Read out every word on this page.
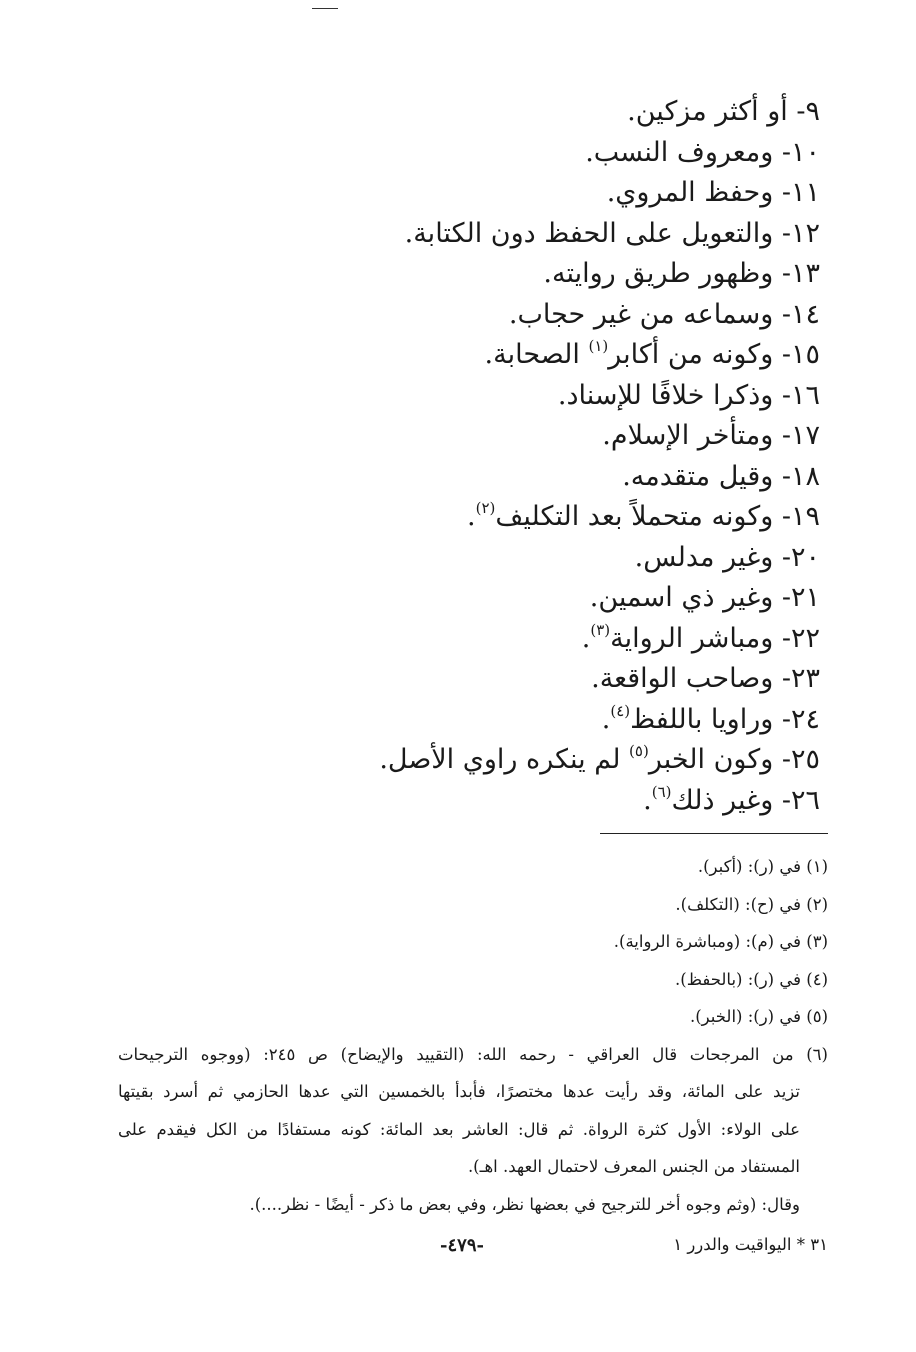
٩- أو أكثر مزكين.
١٠- ومعروف النسب.
١١- وحفظ المروي.
١٢- والتعويل على الحفظ دون الكتابة.
١٣- وظهور طريق روايته.
١٤- وسماعه من غير حجاب.
١٥- وكونه من أكابر$^{(١)}$ الصحابة.
١٦- وذكرا خلافًا للإسناد.
١٧- ومتأخر الإسلام.
١٨- وقيل متقدمه.
١٩- وكونه متحملاً بعد التكليف$^{(٢)}$.
٢٠- وغير مدلس.
٢١- وغير ذي اسمين.
٢٢- ومباشر الرواية$^{(٣)}$.
٢٣- وصاحب الواقعة.
٢٤- وراويا باللفظ$^{(٤)}$.
٢٥- وكون الخبر$^{(٥)}$ لم ينكره راوي الأصل.
٢٦- وغير ذلك$^{(٦)}$.
(١) في (ر): (أكبر).
(٢) في (ح): (التكلف).
(٣) في (م): (ومباشرة الرواية).
(٤) في (ر): (بالحفظ).
(٥) في (ر): (الخبر).
(٦) من المرجحات قال العراقي - رحمه الله: (التقييد والإيضاح) ص ٢٤٥: (ووجوه الترجيحات
تزيد على المائة، وقد رأيت عدها مختصرًا، فأبدأ بالخمسين التي عدها الحازمي ثم أسرد بقيتها
على الولاء: الأول كثرة الرواة. ثم قال: العاشر بعد المائة: كونه مستفادًا من الكل فيقدم على
المستفاد من الجنس المعرف لاحتمال العهد. اهـ).
وقال: (وثم وجوه أخر للترجيح في بعضها نظر، وفي بعض ما ذكر - أيضًا - نظر....).
-٤٧٩-	٣١ * اليواقيت والدرر ١
